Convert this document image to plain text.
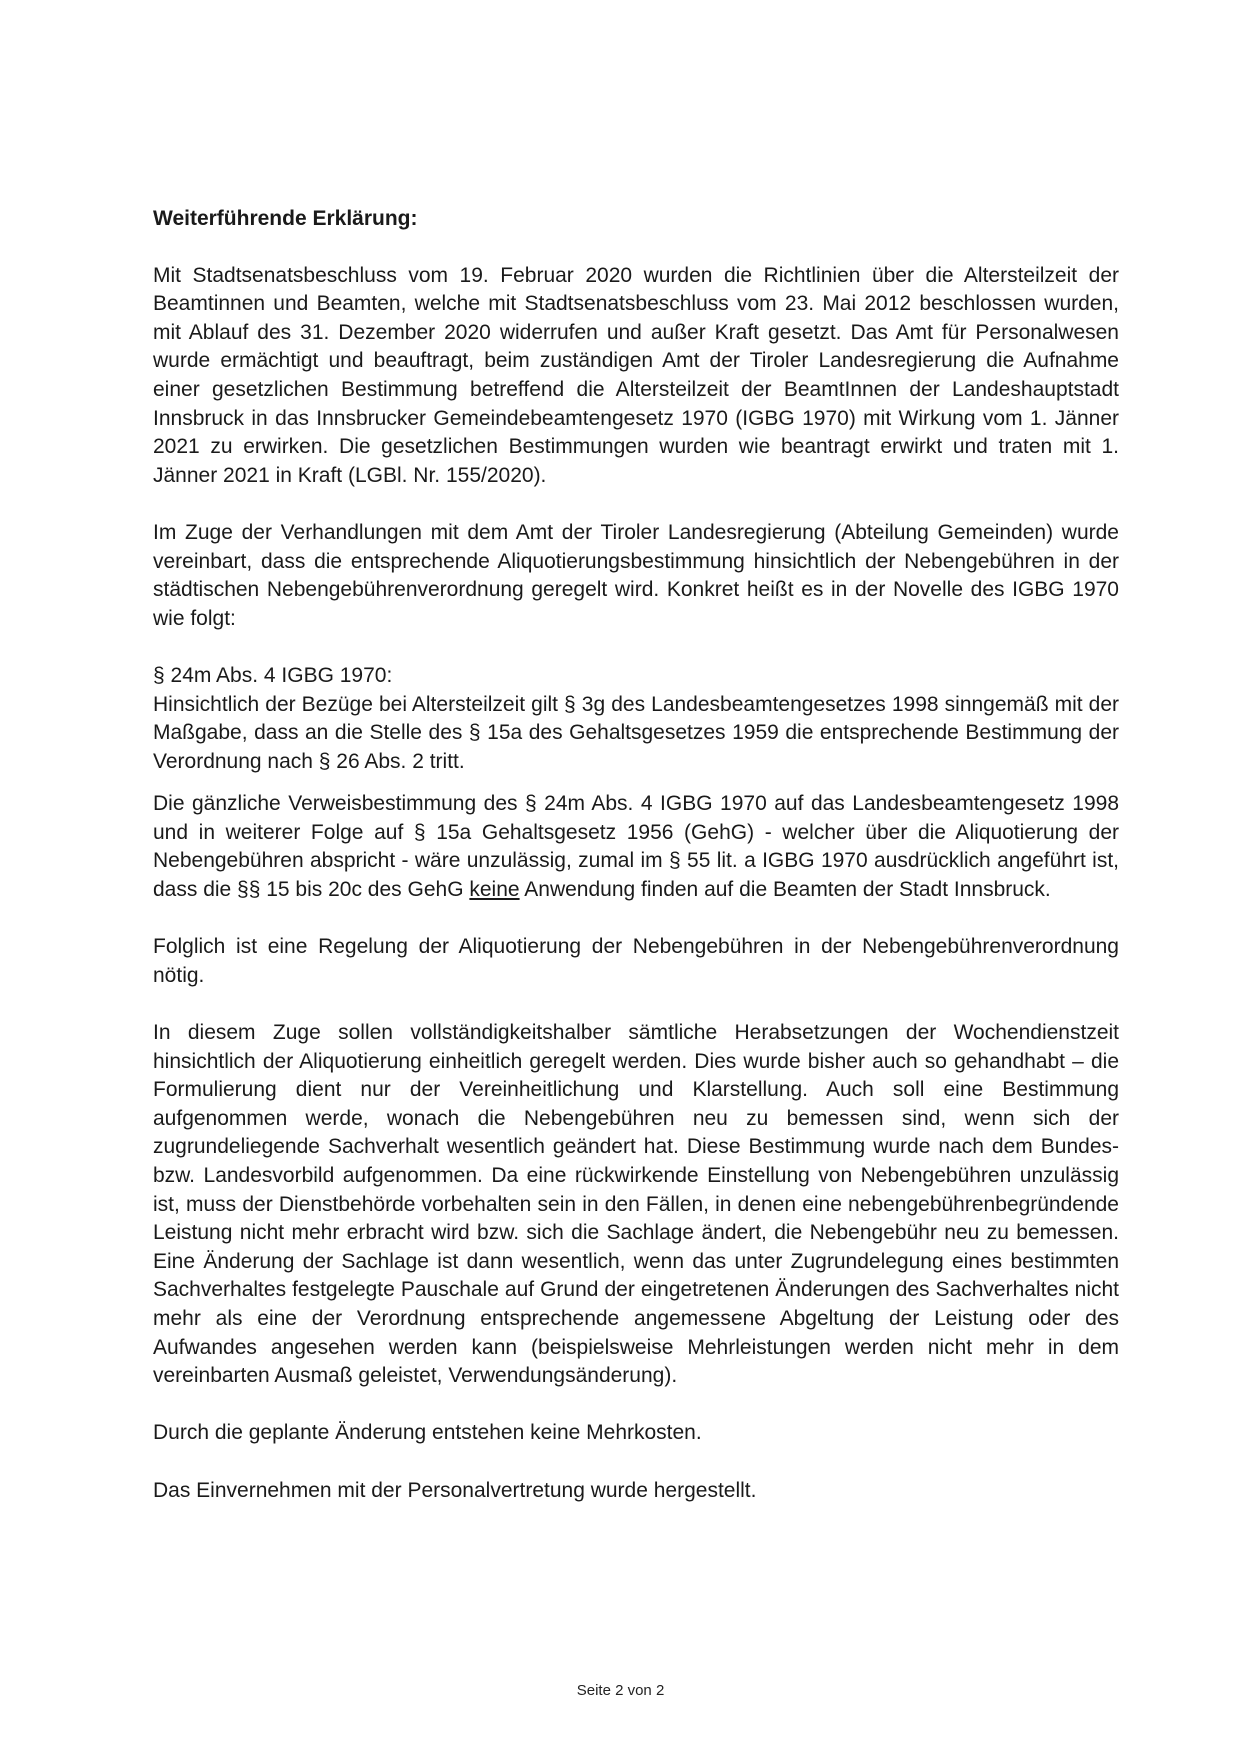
Weiterführende Erklärung:

Mit Stadtsenatsbeschluss vom 19. Februar 2020 wurden die Richtlinien über die Altersteilzeit der Beamtinnen und Beamten, welche mit Stadtsenatsbeschluss vom 23. Mai 2012 beschlossen wurden, mit Ablauf des 31. Dezember 2020 widerrufen und außer Kraft gesetzt. Das Amt für Personalwesen wurde ermächtigt und beauftragt, beim zuständigen Amt der Tiroler Landesregierung die Aufnahme einer gesetzlichen Bestimmung betreffend die Altersteilzeit der BeamtInnen der Landeshauptstadt Innsbruck in das Innsbrucker Gemeindebeamtengesetz 1970 (IGBG 1970) mit Wirkung vom 1. Jänner 2021 zu erwirken. Die gesetzlichen Bestimmungen wurden wie beantragt erwirkt und traten mit 1. Jänner 2021 in Kraft (LGBl. Nr. 155/2020).

Im Zuge der Verhandlungen mit dem Amt der Tiroler Landesregierung (Abteilung Gemeinden) wurde vereinbart, dass die entsprechende Aliquotierungsbestimmung hinsichtlich der Nebengebühren in der städtischen Nebengebührenverordnung geregelt wird. Konkret heißt es in der Novelle des IGBG 1970 wie folgt:

§ 24m Abs. 4 IGBG 1970:

Hinsichtlich der Bezüge bei Altersteilzeit gilt § 3g des Landesbeamtengesetzes 1998 sinngemäß mit der Maßgabe, dass an die Stelle des § 15a des Gehaltsgesetzes 1959 die entsprechende Bestimmung der Verordnung nach § 26 Abs. 2 tritt.

Die gänzliche Verweisbestimmung des § 24m Abs. 4 IGBG 1970 auf das Landesbeamtengesetz 1998 und in weiterer Folge auf § 15a Gehaltsgesetz 1956 (GehG) - welcher über die Aliquotierung der Nebengebühren abspricht - wäre unzulässig, zumal im § 55 lit. a IGBG 1970 ausdrücklich angeführt ist, dass die §§ 15 bis 20c des GehG keine Anwendung finden auf die Beamten der Stadt Innsbruck.

Folglich ist eine Regelung der Aliquotierung der Nebengebühren in der Nebengebührenverordnung nötig.

In diesem Zuge sollen vollständigkeitshalber sämtliche Herabsetzungen der Wochendienstzeit hinsichtlich der Aliquotierung einheitlich geregelt werden. Dies wurde bisher auch so gehandhabt – die Formulierung dient nur der Vereinheitlichung und Klarstellung. Auch soll eine Bestimmung aufgenommen werde, wonach die Nebengebühren neu zu bemessen sind, wenn sich der zugrundeliegende Sachverhalt wesentlich geändert hat. Diese Bestimmung wurde nach dem Bundes- bzw. Landesvorbild aufgenommen. Da eine rückwirkende Einstellung von Nebengebühren unzulässig ist, muss der Dienstbehörde vorbehalten sein in den Fällen, in denen eine nebengebührenbegründende Leistung nicht mehr erbracht wird bzw. sich die Sachlage ändert, die Nebengebühr neu zu bemessen. Eine Änderung der Sachlage ist dann wesentlich, wenn das unter Zugrundelegung eines bestimmten Sachverhaltes festgelegte Pauschale auf Grund der eingetretenen Änderungen des Sachverhaltes nicht mehr als eine der Verordnung entsprechende angemessene Abgeltung der Leistung oder des Aufwandes angesehen werden kann (beispielsweise Mehrleistungen werden nicht mehr in dem vereinbarten Ausmaß geleistet, Verwendungsänderung).

Durch die geplante Änderung entstehen keine Mehrkosten.

Das Einvernehmen mit der Personalvertretung wurde hergestellt.

Seite 2 von 2
